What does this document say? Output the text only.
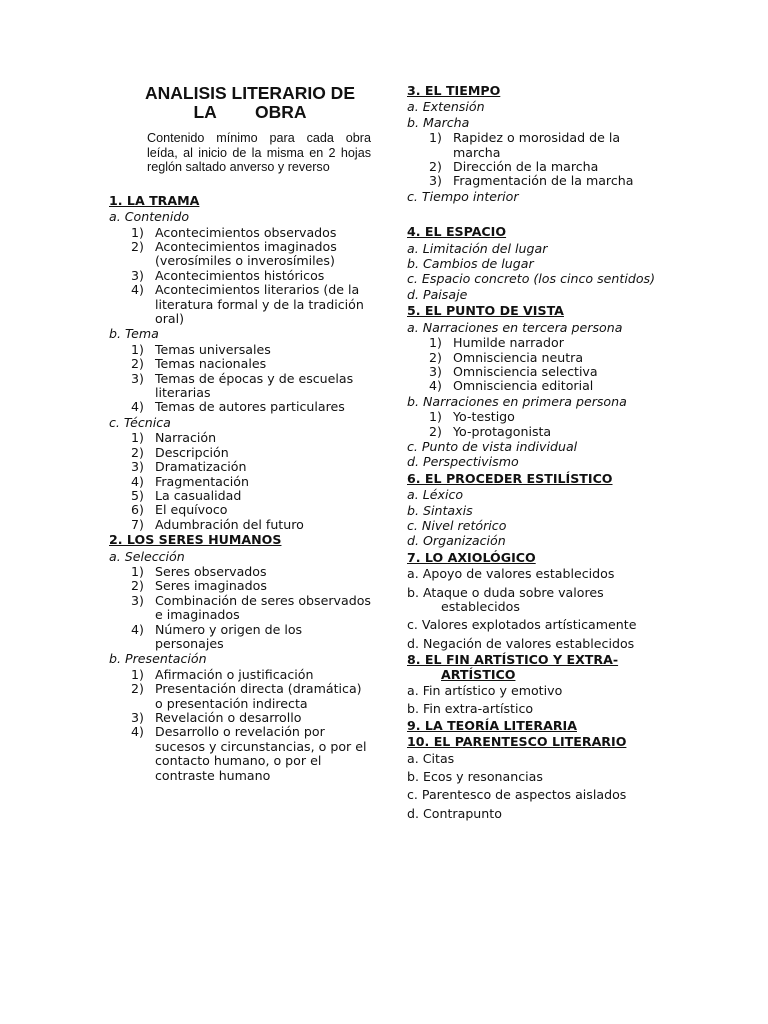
ANALISIS LITERARIO DE
LA OBRA
Contenido mínimo para cada obra leída, al inicio de la misma en 2 hojas reglón saltado anverso y reverso
1. LA TRAMA
a. Contenido
1) Acontecimientos observados
2) Acontecimientos imaginados (verosímiles o inverosímiles)
3) Acontecimientos históricos
4) Acontecimientos literarios (de la literatura formal y de la tradición oral)
b. Tema
1) Temas universales
2) Temas nacionales
3) Temas de épocas y de escuelas literarias
4) Temas de autores particulares
c. Técnica
1) Narración
2) Descripción
3) Dramatización
4) Fragmentación
5) La casualidad
6) El equívoco
7) Adumbración del futuro
2. LOS SERES HUMANOS
a. Selección
1) Seres observados
2) Seres imaginados
3) Combinación de seres observados e imaginados
4) Número y origen de los personajes
b. Presentación
1) Afirmación o justificación
2) Presentación directa (dramática) o presentación indirecta
3) Revelación o desarrollo
4) Desarrollo o revelación por sucesos y circunstancias, o por el contacto humano, o por el contraste humano
3. EL TIEMPO
a. Extensión
b. Marcha
1) Rapidez o morosidad de la marcha
2) Dirección de la marcha
3) Fragmentación de la marcha
c. Tiempo interior
4. EL ESPACIO
a. Limitación del lugar
b. Cambios de lugar
c. Espacio concreto (los cinco sentidos)
d. Paisaje
5. EL PUNTO DE VISTA
a. Narraciones en tercera persona
1) Humilde narrador
2) Omnisciencia neutra
3) Omnisciencia selectiva
4) Omnisciencia editorial
b. Narraciones en primera persona
1) Yo-testigo
2) Yo-protagonista
c. Punto de vista individual
d. Perspectivismo
6. EL PROCEDER ESTILÍSTICO
a. Léxico
b. Sintaxis
c. Nivel retórico
d. Organización
7. LO AXIOLÓGICO
a. Apoyo de valores establecidos
b. Ataque o duda sobre valores
establecidos
c. Valores explotados artísticamente
d. Negación de valores establecidos
8. EL FIN ARTÍSTICO Y EXTRA-
ARTÍSTICO
a. Fin artístico y emotivo
b. Fin extra-artístico
9. LA TEORÍA LITERARIA
10. EL PARENTESCO LITERARIO
a. Citas
b. Ecos y resonancias
c. Parentesco de aspectos aislados
d. Contrapunto
